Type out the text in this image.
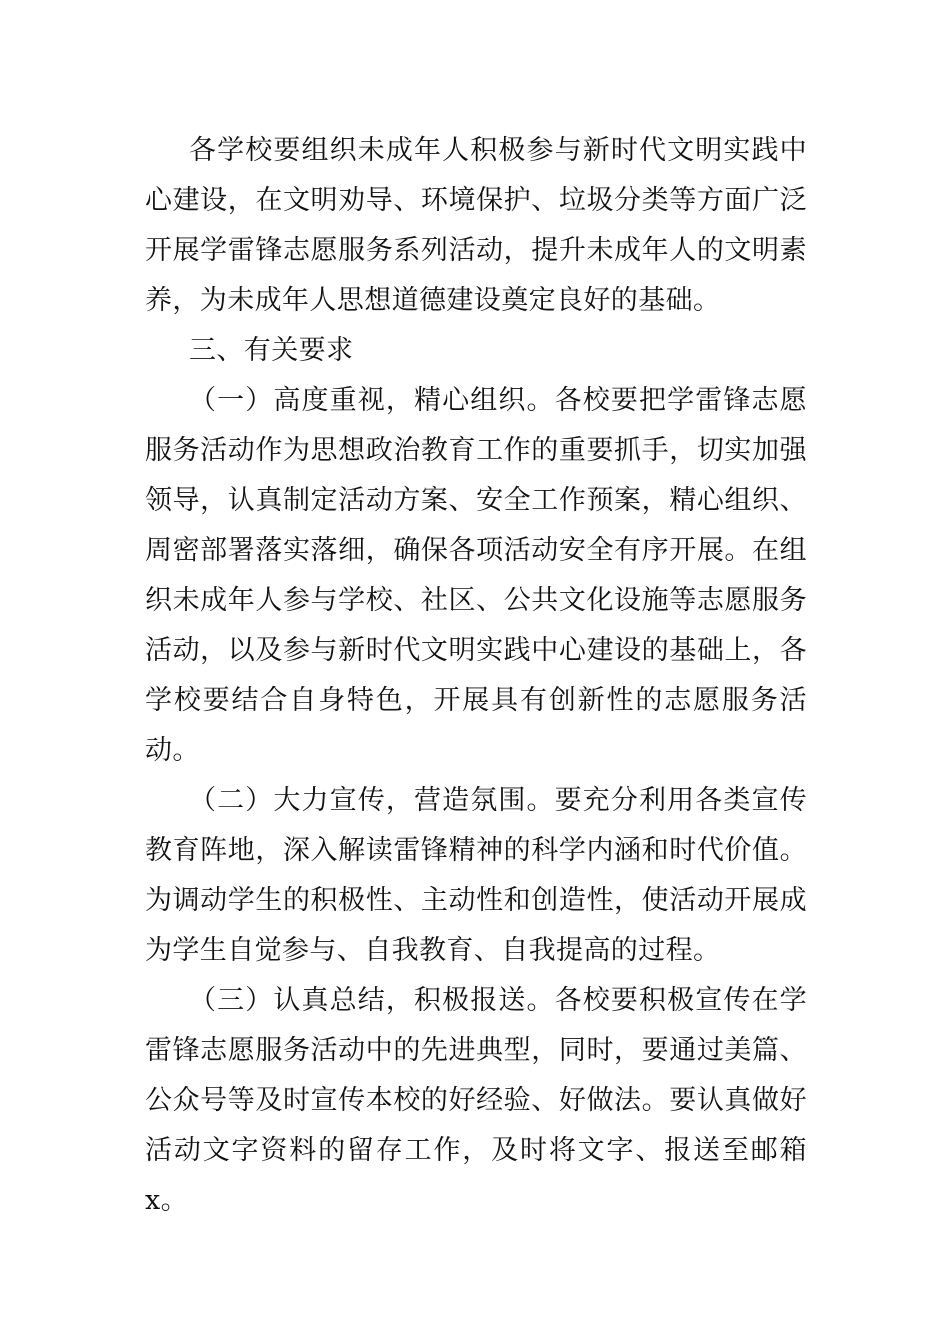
各学校要组织未成年人积极参与新时代文明实践中心建设，在文明劝导、环境保护、垃圾分类等方面广泛开展学雷锋志愿服务系列活动，提升未成年人的文明素养，为未成年人思想道德建设奠定良好的基础。

三、有关要求

（一）高度重视，精心组织。各校要把学雷锋志愿服务活动作为思想政治教育工作的重要抓手，切实加强领导，认真制定活动方案、安全工作预案，精心组织、周密部署落实落细，确保各项活动安全有序开展。在组织未成年人参与学校、社区、公共文化设施等志愿服务活动，以及参与新时代文明实践中心建设的基础上，各学校要结合自身特色，开展具有创新性的志愿服务活动。

（二）大力宣传，营造氛围。要充分利用各类宣传教育阵地，深入解读雷锋精神的科学内涵和时代价值。为调动学生的积极性、主动性和创造性，使活动开展成为学生自觉参与、自我教育、自我提高的过程。

（三）认真总结，积极报送。各校要积极宣传在学雷锋志愿服务活动中的先进典型，同时，要通过美篇、公众号等及时宣传本校的好经验、好做法。要认真做好活动文字资料的留存工作，及时将文字、报送至邮箱 x。
